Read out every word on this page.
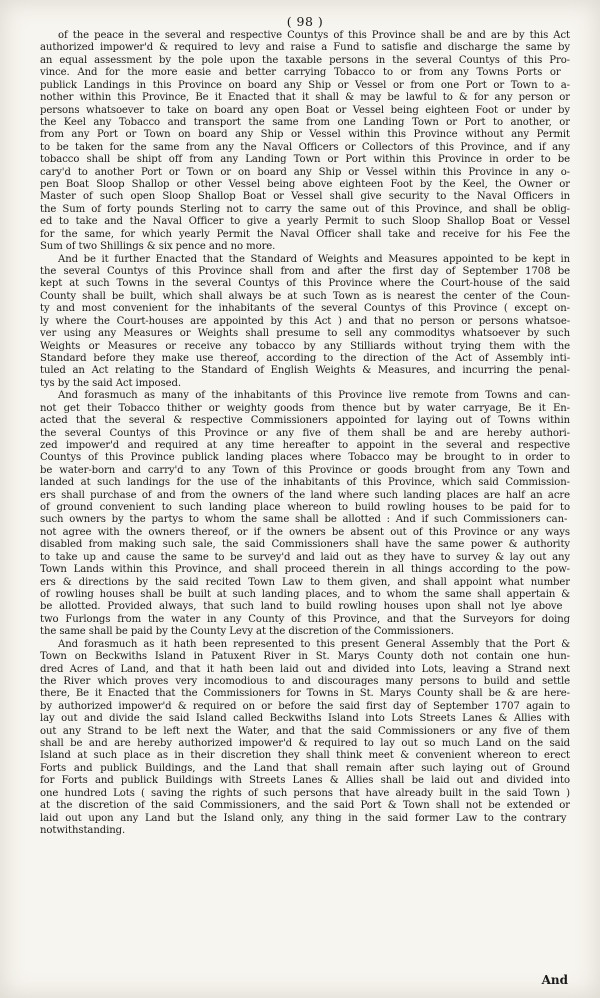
( 98 )
of the peace in the several and respective Countys of this Province shall be and are by this Act
authorized impower'd & required to levy and raise a Fund to satisfie and discharge the same by
an equal assessment by the pole upon the taxable persons in the several Countys of this Pro-
vince. And for the more easie and better carrying Tobacco to or from any Towns Ports or
publick Landings in this Province on board any Ship or Vessel or from one Port or Town to a-
nother within this Province, Be it Enacted that it shall & may be lawful to & for any person or
persons whatsoever to take on board any open Boat or Vessel being eighteen Foot or under by
the Keel any Tobacco and transport the same from one Landing Town or Port to another, or
from any Port or Town on board any Ship or Vessel within this Province without any Permit
to be taken for the same from any the Naval Officers or Collectors of this Province, and if any
tobacco shall be shipt off from any Landing Town or Port within this Province in order to be
cary'd to another Port or Town or on board any Ship or Vessel within this Province in any o-
pen Boat Sloop Shallop or other Vessel being above eighteen Foot by the Keel, the Owner or
Master of such open Sloop Shallop Boat or Vessel shall give security to the Naval Officers in
the Sum of forty pounds Sterling not to carry the same out of this Province, and shall be oblig-
ed to take and the Naval Officer to give a yearly Permit to such Sloop Shallop Boat or Vessel
for the same, for which yearly Permit the Naval Officer shall take and receive for his Fee the
Sum of two Shillings & six pence and no more.
And be it further Enacted that the Standard of Weights and Measures appointed to be kept in
the several Countys of this Province shall from and after the first day of September 1708 be
kept at such Towns in the several Countys of this Province where the Court-house of the said
County shall be built, which shall always be at such Town as is nearest the center of the Coun-
ty and most convenient for the inhabitants of the several Countys of this Province ( except on-
ly where the Court-houses are appointed by this Act ) and that no person or persons whatsoe-
ver using any Measures or Weights shall presume to sell any commoditys whatsoever by such
Weights or Measures or receive any tobacco by any Stilliards without trying them with the
Standard before they make use thereof, according to the direction of the Act of Assembly inti-
tuled an Act relating to the Standard of English Weights & Measures, and incurring the penal-
tys by the said Act imposed.
And forasmuch as many of the inhabitants of this Province live remote from Towns and can-
not get their Tobacco thither or weighty goods from thence but by water carryage, Be it En-
acted that the several & respective Commissioners appointed for laying out of Towns within
the several Countys of this Province or any five of them shall be and are hereby authori-
zed impower'd and required at any time hereafter to appoint in the several and respective
Countys of this Province publick landing places where Tobacco may be brought to in order to
be water-born and carry'd to any Town of this Province or goods brought from any Town and
landed at such landings for the use of the inhabitants of this Province, which said Commission-
ers shall purchase of and from the owners of the land where such landing places are half an acre
of ground convenient to such landing place whereon to build rowling houses to be paid for to
such owners by the partys to whom the same shall be allotted : And if such Commissioners can-
not agree with the owners thereof, or if the owners be absent out of this Province or any ways
disabled from making such sale, the said Commissioners shall have the same power & authority
to take up and cause the same to be survey'd and laid out as they have to survey & lay out any
Town Lands within this Province, and shall proceed therein in all things according to the pow-
ers & directions by the said recited Town Law to them given, and shall appoint what number
of rowling houses shall be built at such landing places, and to whom the same shall appertain &
be allotted. Provided always, that such land to build rowling houses upon shall not lye above
two Furlongs from the water in any County of this Province, and that the Surveyors for doing
the same shall be paid by the County Levy at the discretion of the Commissioners.
And forasmuch as it hath been represented to this present General Assembly that the Port &
Town on Beckwiths Island in Patuxent River in St. Marys County doth not contain one hun-
dred Acres of Land, and that it hath been laid out and divided into Lots, leaving a Strand next
the River which proves very incomodious to and discourages many persons to build and settle
there, Be it Enacted that the Commissioners for Towns in St. Marys County shall be & are here-
by authorized impower'd & required on or before the said first day of September 1707 again to
lay out and divide the said Island called Beckwiths Island into Lots Streets Lanes & Allies with
out any Strand to be left next the Water, and that the said Commissioners or any five of them
shall be and are hereby authorized impower'd & required to lay out so much Land on the said
Island at such place as in their discretion they shall think meet & convenient whereon to erect
Forts and publick Buildings, and the Land that shall remain after such laying out of Ground
for Forts and publick Buildings with Streets Lanes & Allies shall be laid out and divided into
one hundred Lots ( saving the rights of such persons that have already built in the said Town )
at the discretion of the said Commissioners, and the said Port & Town shall not be extended or
laid out upon any Land but the Island only, any thing in the said former Law to the contrary
notwithstanding.
And
